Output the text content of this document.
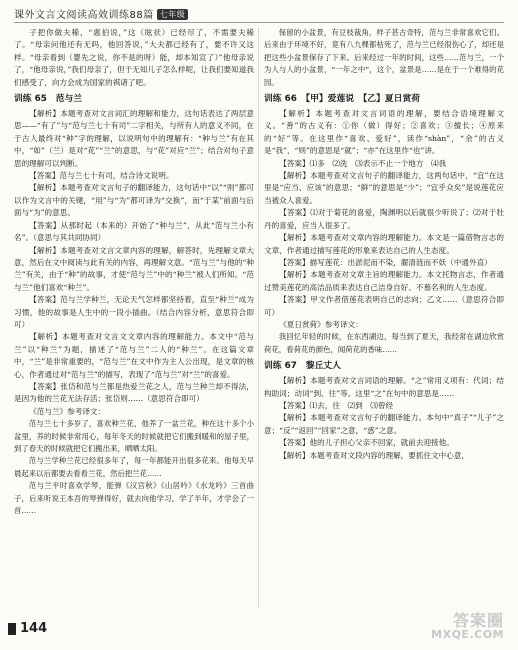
课外文言文阅读高效训练88篇 七年级

子把你做夫稀，“惠伯说，”这（眩祆）已经尽了，不需要夫稀了。“母亲问他还有无吗，他回答说，”大夫都已经有了，要不许又这样。“母亲看到（婴先之说，你不是的呀）能，却本知宣了）”他母亲说了，“他母亲说，”我们母亲了，但于无知儿子怎么样呢，让我们要知道我们感受了，向方会成为国家的祺诸了吧。

训练 65　范与兰

【解析】本题考查对文言词汇的理解和能力，这句话表达了两层意思——“有了”与“范与兰七十有司”二字相关，与所有人的意义不同，在于古人最终对“种”字的理解，以说明句中的理解有：“种与兰”有在其中，“如”（兰）是对“花”“兰”的意思，与“花”对应“兰”；结合对句子意思的理解可以判断。

【答案】范与兰七十有司，结合诗文说明。

【解析】本题考查对文言句子的翻译能力，这句话中“以”“则”都可以作为文言中的关键，“用”与“为”都可译为“交换”，而“于某”前面与后面与“为”的意思。

【答案】从那时起（本来的）开始了“种与兰”，从此“范与兰小有名”。（意思与其共同协同）

【解析】本题考查对文言文章内容的理解，解答时，先理解文章大意，然后在文中阅读与此有关的内容，再理解文意。“范与兰”与他的“种兰”有关，由于“种”的故事，才使“范与兰”中的“种兰”被人们所知。“范与兰”他们喜欢“种兰”。

【答案】范与兰学种兰，无论天气怎样都坚持着，直至“种兰”成为习惯，他的故事是人生中的一段小插曲。（结合内容分析，意思符合即可）

【解析】本题考查对文言文文章内容的理解能力。本文中“范与兰”以“种兰”为题，描述了“范与兰”二人的“种兰”。在这篇文章中，“兰”是非常重要的，“范与兰”在文中作为主人公出现，是文章的核心，作者通过对“范与兰”的描写，表现了“范与兰”对“兰”的喜爱。

【答案】张岱和范与兰都是热爱兰花之人，范与兰种兰却不得法，是因为他的兰花无法存活；张岱则……（意思符合即可）

《范与兰》参考译文：

范与兰七十多岁了，喜欢种兰花，他养了一盆兰花，种在这十多个小盆里，养的时候非常用心，每年冬天的时候就把它们搬到暖和的屋子里，到了春天的时候就把它们搬出来，晒晒太阳。

范与兰学种兰花已经很多年了，每一年都能开出很多花来。他每天早晨起来以后都要去看看兰花，然后把兰花……

范与兰平时喜欢学琴，能弹《汉宫秋》《山居吟》《水龙吟》三首曲子，后来听说王本吾的琴弹得好，就去向他学习，学了半年，才学会了一首……

保留的小盆景，有豆枝裁角，样子甚古奇特，范与兰非常喜欢它们。后来由于环境不好，竟有八九棵都枯死了，范与兰已经很伤心了，却还是把这些小盆景保存了下来。后来经过一年的时间，这些……范与兰，一个为人与人的小盆景，“一年之中”，这个，盆景是……是在于一个难得的花园。

训练 66　【甲】爱莲说　【乙】夏日赏荷

【解析】本题考查对文言词语的理解，要结合语境理解文义。“善”的古义有：①你（做）得好；②喜欢；③擅长；④原来的“好”等。在这里作“喜欢、爱好”，读作“shàn”，“余”的古义是“我”，“则”的意思是“就”；“亦”在这里作“也”讲。

【答案】⑴多　⑵洗　⑶表示不止一个地方　⑷我

【解析】本题考查对文言句子的翻译能力，这两句话中，“宜”在这里是“应当、应该”的意思；“鲜”的意思是“少”；“宜乎众矣”是说莲花应当被众人喜爱。

【答案】⑴对于菊花的喜爱，陶渊明以后就很少听说了；⑵对于牡丹的喜爱，应当人很多了。

【解析】本题考查对文章内容的理解能力。本文是一篇借物言志的文章，作者通过描写莲花的形象来表达自己的人生态度。

【答案】描写莲花：出淤泥而不染，濯清涟而不妖（中通外直）

【解析】本题考查对文章主旨的理解能力。本文托物言志，作者通过赞美莲花的高洁品质来表达自己洁身自好、不慕名利的人生态度。

【答案】甲文作者借莲花表明自己的志向；乙文……（意思符合即可）

《夏日赏荷》参考译文：

我回忆年轻的时候，在东西湖边，每当到了夏天，我经常在湖边欣赏荷花，看荷花的颜色，闻荷花的香味……

训练 67　黎丘丈人

【解析】本题考查对文言词语的理解。“之”常用义项有：代词；结构助词；动词“到、往”等。这里“之”在句中的意思是……

【答案】⑴去，往　⑵到　⑶曾经

【解析】本题考查对文言句子的翻译能力。本句中“真子”“儿子”之意；“反”“返回”“回家”之意，“惑”之意。

【答案】他的儿子担心父亲不回家，就前去迎接他。

【解析】本题考查对文段内容的理解，要抓住文中心意，

144	答案圈
MXQE.COM
